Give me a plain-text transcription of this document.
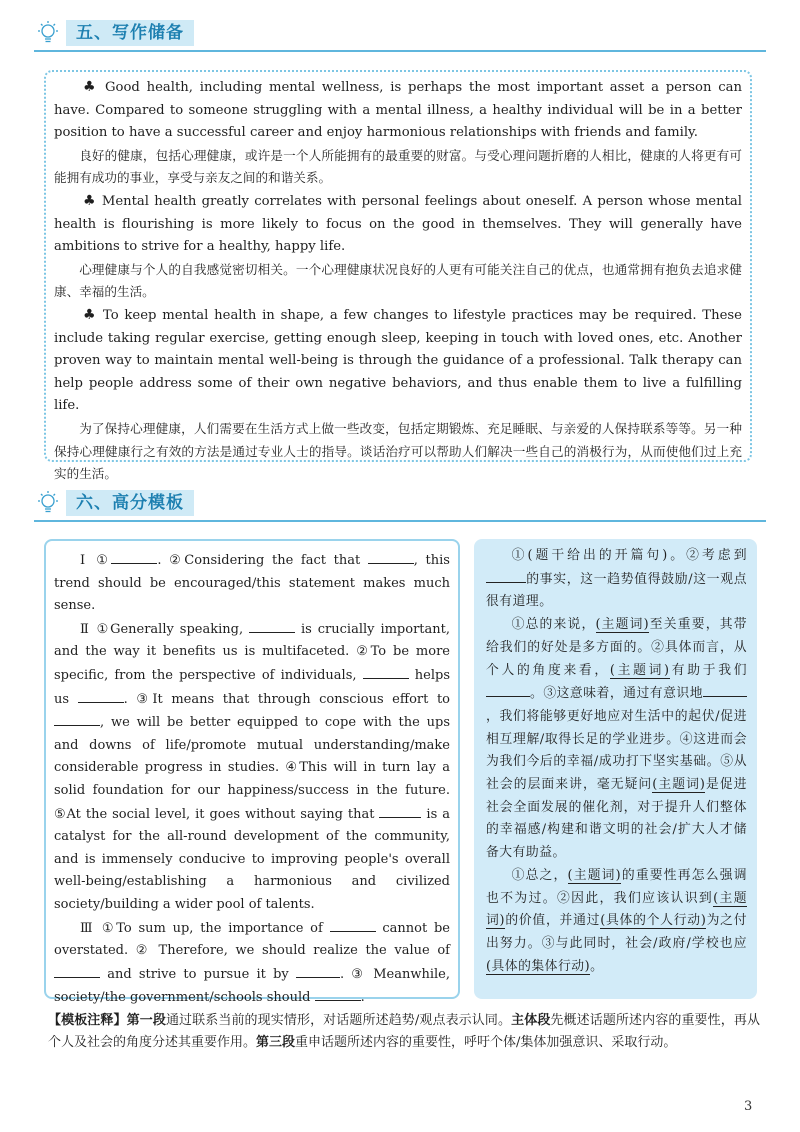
五、写作储备

♣ Good health, including mental wellness, is perhaps the most important asset a person can have. Compared to someone struggling with a mental illness, a healthy individual will be in a better position to have a successful career and enjoy harmonious relationships with friends and family.

良好的健康，包括心理健康，或许是一个人所能拥有的最重要的财富。与受心理问题折磨的人相比，健康的人将更有可能拥有成功的事业，享受与亲友之间的和谐关系。

♣ Mental health greatly correlates with personal feelings about oneself. A person whose mental health is flourishing is more likely to focus on the good in themselves. They will generally have ambitions to strive for a healthy, happy life.

心理健康与个人的自我感觉密切相关。一个心理健康状况良好的人更有可能关注自己的优点，也通常拥有抱负去追求健康、幸福的生活。

♣ To keep mental health in shape, a few changes to lifestyle practices may be required. These include taking regular exercise, getting enough sleep, keeping in touch with loved ones, etc. Another proven way to maintain mental well-being is through the guidance of a professional. Talk therapy can help people address some of their own negative behaviors, and thus enable them to live a fulfilling life.

为了保持心理健康，人们需要在生活方式上做一些改变，包括定期锻炼、充足睡眠、与亲爱的人保持联系等等。另一种保持心理健康行之有效的方法是通过专业人士的指导。谈话治疗可以帮助人们解决一些自己的消极行为，从而使他们过上充实的生活。

六、高分模板

Ⅰ ①	. ②Considering the fact that	, this trend should be encouraged/this statement makes much sense.

Ⅱ ①Generally speaking,	is crucially important, and the way it benefits us is multifaceted. ②To be more specific, from the perspective of individuals,	helps us	. ③It means that through conscious effort to , we will be better equipped to cope with the ups and downs of life/promote mutual understanding/make considerable progress in studies. ④This will in turn lay a solid foundation for our happiness/success in the future. ⑤At the social level, it goes without saying that	is a catalyst for the all-round development of the community, and is immensely conducive to improving people's overall well-being/establishing a harmonious and civilized society/building a wider pool of talents.

Ⅲ ①To sum up, the importance of	cannot be overstated. ② Therefore, we should realize the value of  and strive to pursue it by	. ③ Meanwhile, society/the government/schools should	.

①(题干给出的开篇句)。②考虑到的事实，这一趋势值得鼓励/这一观点很有道理。

①总的来说，(主题词)至关重要，其带给我们的好处是多方面的。②具体而言，从个人的角度来看，(主题词)有助于我们。③这意味着，通过有意识地，我们将能够更好地应对生活中的起伏/促进相互理解/取得长足的学业进步。④这进而会为我们今后的幸福/成功打下坚实基础。⑤从社会的层面来讲，毫无疑问(主题词)是促进社会全面发展的催化剂，对于提升人们整体的幸福感/构建和谐文明的社会/扩大人才储备大有助益。

①总之，(主题词)的重要性再怎么强调也不为过。②因此，我们应该认识到(主题词)的价值，并通过(具体的个人行动)为之付出努力。③与此同时，社会/政府/学校也应(具体的集体行动)。

【模板注释】第一段通过联系当前的现实情形，对话题所述趋势/观点表示认同。主体段先概述话题所述内容的重要性，再从个人及社会的角度分述其重要作用。第三段重申话题所述内容的重要性，呼吁个体/集体加强意识、采取行动。

3
